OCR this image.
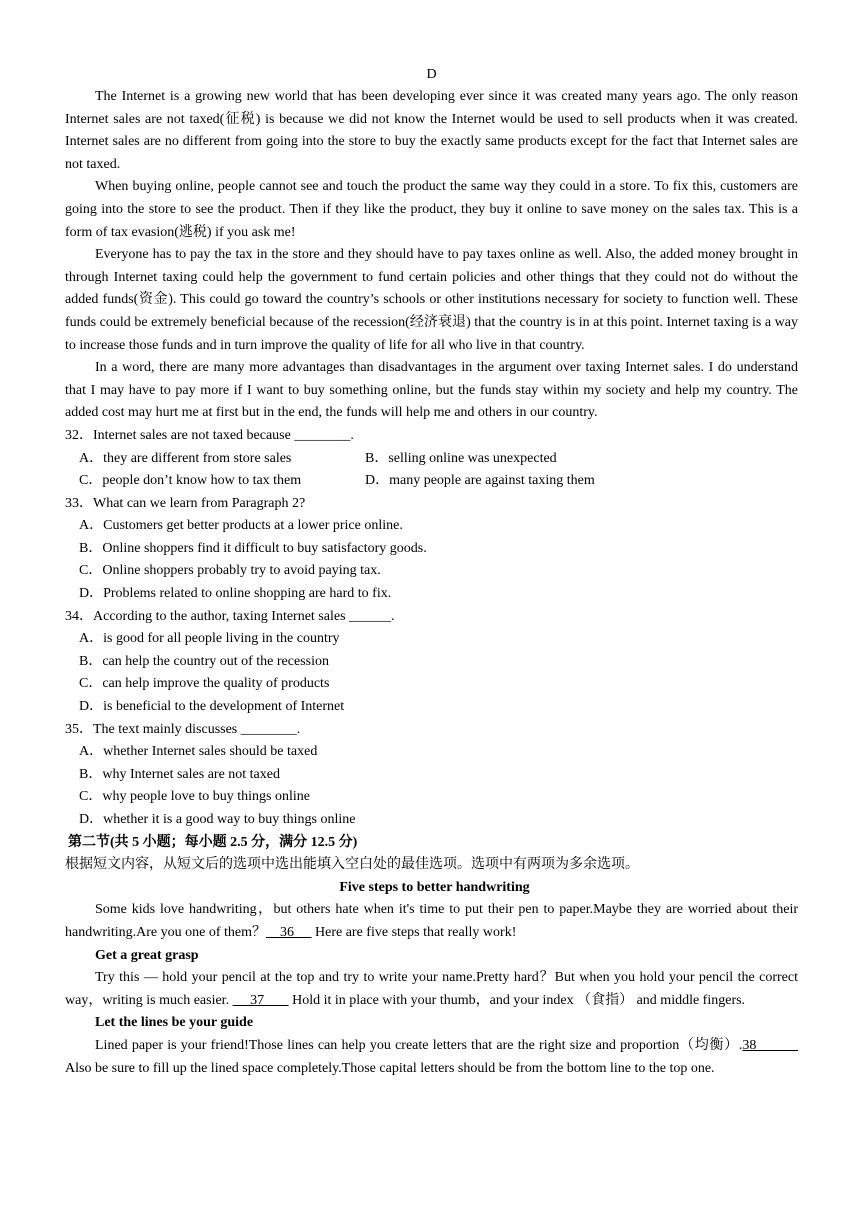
D

The Internet is a growing new world that has been developing ever since it was created many years ago. The only reason Internet sales are not taxed(征税) is because we did not know the Internet would be used to sell products when it was created. Internet sales are no different from going into the store to buy the exactly same products except for the fact that Internet sales are not taxed.

When buying online, people cannot see and touch the product the same way they could in a store. To fix this, customers are going into the store to see the product. Then if they like the product, they buy it online to save money on the sales tax. This is a form of tax evasion(逃税) if you ask me!

Everyone has to pay the tax in the store and they should have to pay taxes online as well. Also, the added money brought in through Internet taxing could help the government to fund certain policies and other things that they could not do without the added funds(资金). This could go toward the country’s schools or other institutions necessary for society to function well. These funds could be extremely beneficial because of the recession(经济衰退) that the country is in at this point. Internet taxing is a way to increase those funds and in turn improve the quality of life for all who live in that country.

In a word, there are many more advantages than disadvantages in the argument over taxing Internet sales. I do understand that I may have to pay more if I want to buy something online, but the funds stay within my society and help my country. The added cost may hurt me at first but in the end, the funds will help me and others in our country.

32．Internet sales are not taxed because ________.

A．they are different from store sales	B．selling online was unexpected
C．people don’t know how to tax them	D．many people are against taxing them

33．What can we learn from Paragraph 2?

A．Customers get better products at a lower price online.

B．Online shoppers find it difficult to buy satisfactory goods.

C．Online shoppers probably try to avoid paying tax.

D．Problems related to online shopping are hard to fix.

34．According to the author, taxing Internet sales ______.

A．is good for all people living in the country

B．can help the country out of the recession

C．can help improve the quality of products

D．is beneficial to the development of Internet

35．The text mainly discusses ________.

A．whether Internet sales should be taxed

B．why Internet sales are not taxed

C．why people love to buy things online

D．whether it is a good way to buy things online

第二节(共 5 小题；每小题 2.5 分，满分 12.5 分)

根据短文内容，从短文后的选项中选出能填入空白处的最佳选项。选项中有两项为多余选项。

Five steps to better handwriting

Some kids love handwriting，but others hate when it's time to put their pen to paper.Maybe they are worried about their handwriting.Are you one of them？    36      Here are five steps that really work!

Get a great grasp

Try this — hold your pencil at the top and try to write your name.Pretty hard？But when you hold your pencil the correct way，writing is much easier.      37        Hold it in place with your thumb，and your index （食指） and middle fingers.

Let the lines be your guide

Lined paper is your friend!Those lines can help you create letters that are the right size and proportion（均衡）.38           Also be sure to fill up the lined space completely.Those capital letters should be from the bottom line to the top one.
